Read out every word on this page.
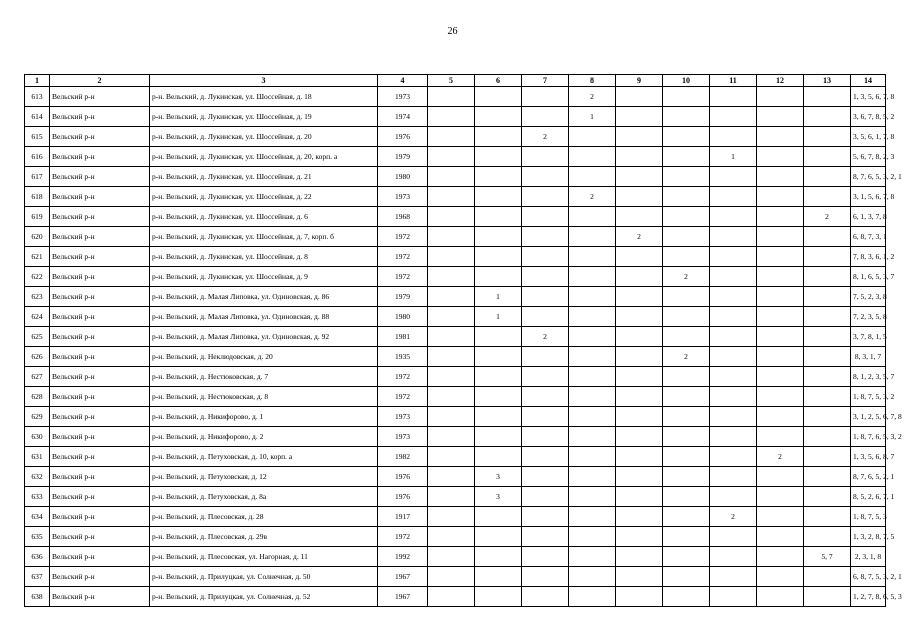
26
1	2	3	4	5	6	7	8	9	10	11	12	13	14
613	Вельский р-н	р-н. Вельский, д. Лукинская, ул. Шоссейная, д. 18	1973				2						1, 3, 5, 6, 7, 8
614	Вельский р-н	р-н. Вельский, д. Лукинская, ул. Шоссейная, д. 19	1974				1						3, 6, 7, 8, 5, 2
615	Вельский р-н	р-н. Вельский, д. Лукинская, ул. Шоссейная, д. 20	1976			2							3, 5, 6, 1, 7, 8
616	Вельский р-н	р-н. Вельский, д. Лукинская, ул. Шоссейная, д. 20, корп. а	1979							1			5, 6, 7, 8, 2, 3
617	Вельский р-н	р-н. Вельский, д. Лукинская, ул. Шоссейная, д. 21	1980										8, 7, 6, 5, 3, 2, 1
618	Вельский р-н	р-н. Вельский, д. Лукинская, ул. Шоссейная, д. 22	1973				2						3, 1, 5, 6, 7, 8
619	Вельский р-н	р-н. Вельский, д. Лукинская, ул. Шоссейная, д. 6	1968									2	6, 1, 3, 7, 8
620	Вельский р-н	р-н. Вельский, д. Лукинская, ул. Шоссейная, д. 7, корп. б	1972					2					6, 8, 7, 3, 1
621	Вельский р-н	р-н. Вельский, д. Лукинская, ул. Шоссейная, д. 8	1972										7, 8, 3, 6, 1, 2
622	Вельский р-н	р-н. Вельский, д. Лукинская, ул. Шоссейная, д. 9	1972						2				8, 1, 6, 5, 3, 7
623	Вельский р-н	р-н. Вельский, д. Малая Липовка, ул. Одиновская, д. 86	1979		1								7, 5, 2, 3, 8
624	Вельский р-н	р-н. Вельский, д. Малая Липовка, ул. Одиновская, д. 88	1980		1								7, 2, 3, 5, 8
625	Вельский р-н	р-н. Вельский, д. Малая Липовка, ул. Одиновская, д. 92	1981			2							3, 7, 8, 1, 5
626	Вельский р-н	р-н. Вельский, д. Неклюдовская, д. 20	1935						2				8, 3, 1, 7
627	Вельский р-н	р-н. Вельский, д. Нестюковская, д. 7	1972										8, 1, 2, 3, 5, 7
628	Вельский р-н	р-н. Вельский, д. Нестюковская, д. 8	1972										1, 8, 7, 5, 3, 2
629	Вельский р-н	р-н. Вельский, д. Никифорово, д. 1	1973										3, 1, 2, 5, 6, 7, 8
630	Вельский р-н	р-н. Вельский, д. Никифорово, д. 2	1973										1, 8, 7, 6, 5, 3, 2
631	Вельский р-н	р-н. Вельский, д. Петуховская, д. 10, корп. а	1982								2		1, 3, 5, 6, 8, 7
632	Вельский р-н	р-н. Вельский, д. Петуховская, д. 12	1976		3								8, 7, 6, 5, 2, 1
633	Вельский р-н	р-н. Вельский, д. Петуховская, д. 8а	1976		3								8, 5, 2, 6, 7, 1
634	Вельский р-н	р-н. Вельский, д. Плесовская, д. 28	1917							2			1, 8, 7, 5, 3
635	Вельский р-н	р-н. Вельский, д. Плесовская, д. 29в	1972										1, 3, 2, 8, 7, 5
636	Вельский р-н	р-н. Вельский, д. Плесовская, ул. Нагорная, д. 11	1992									5, 7	2, 3, 1, 8
637	Вельский р-н	р-н. Вельский, д. Прилуцкая, ул. Солнечная, д. 50	1967										6, 8, 7, 5, 3, 2, 1
638	Вельский р-н	р-н. Вельский, д. Прилуцкая, ул. Солнечная, д. 52	1967										1, 2, 7, 8, 6, 5, 3
